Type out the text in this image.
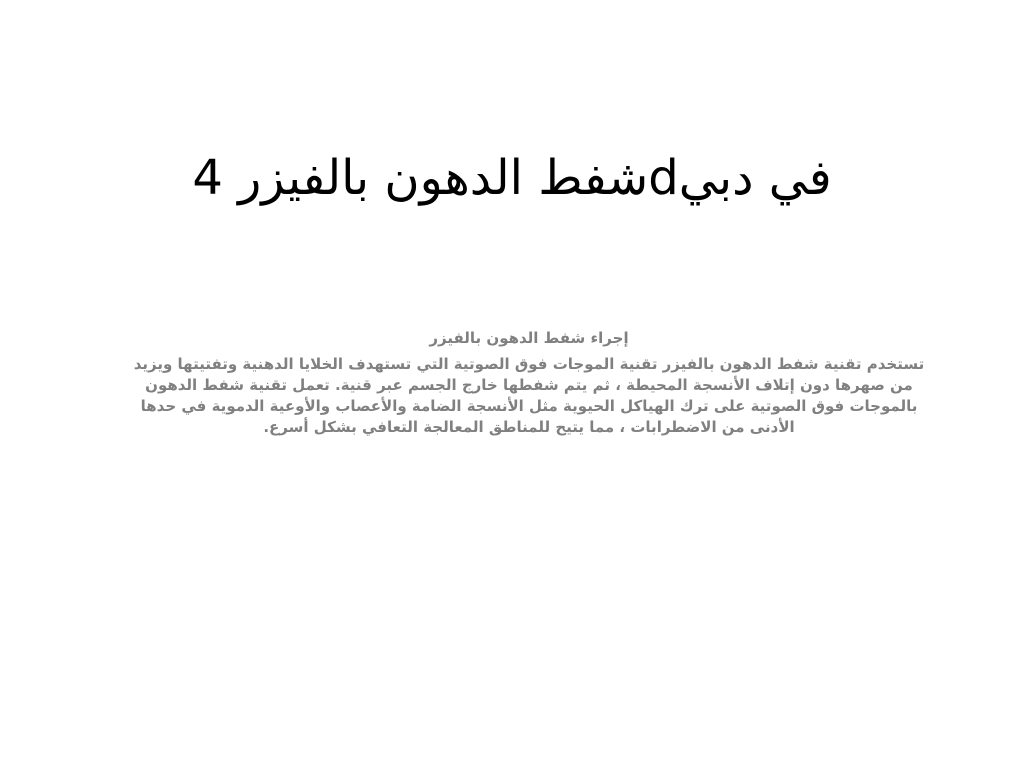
في دبيdشفط الدهون بالفيزر 4

إجراء شفط الدهون بالفيزر

تستخدم تقنية شفط الدهون بالفيزر تقنية الموجات فوق الصوتية التي تستهدف الخلايا الدهنية وتفتيتها ويزيد من صهرها دون إتلاف الأنسجة المحيطة ، ثم يتم شفطها خارج الجسم عبر قنية. تعمل تقنية شفط الدهون بالموجات فوق الصوتية على ترك الهياكل الحيوية مثل الأنسجة الضامة والأعصاب والأوعية الدموية في حدها الأدنى من الاضطرابات ، مما يتيح للمناطق المعالجة التعافي بشكل أسرع.
